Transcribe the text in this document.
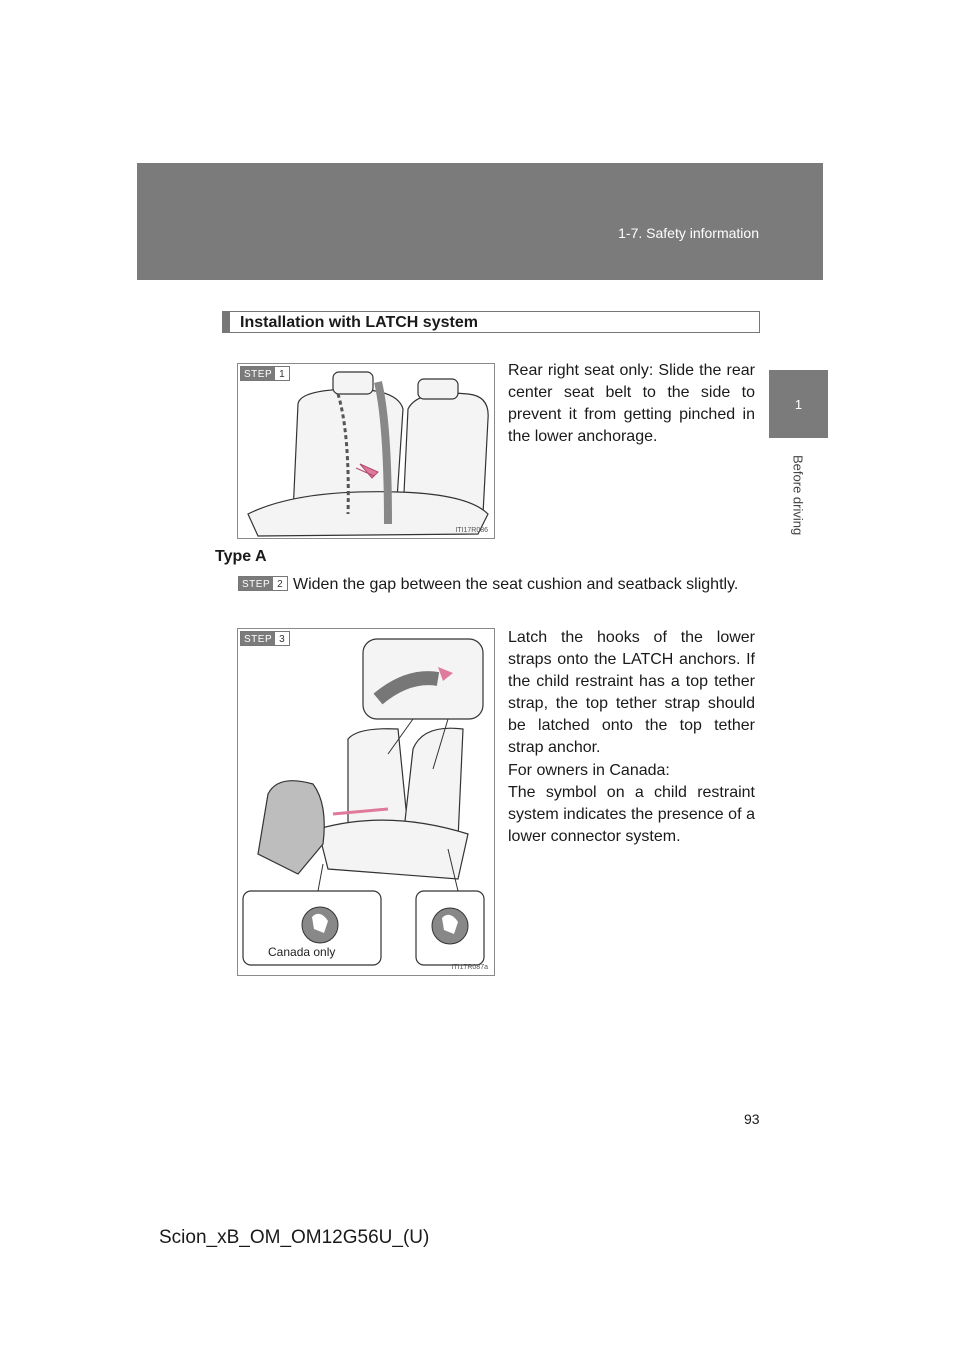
1-7. Safety information
1
Before driving
Installation with LATCH system
STEP 1
ITI17R086

Rear right seat only: Slide the rear center seat belt to the side to prevent it from getting pinched in the lower anchorage.

Type A
STEP 2 Widen the gap between the seat cushion and seatback slightly.

STEP 3
Canada only
ITI17R087a

Latch the hooks of the lower straps onto the LATCH anchors. If the child restraint has a top tether strap, the top tether strap should be latched onto the top tether strap anchor.

For owners in Canada:

The symbol on a child restraint system indicates the presence of a lower connector system.

93
Scion_xB_OM_OM12G56U_(U)
